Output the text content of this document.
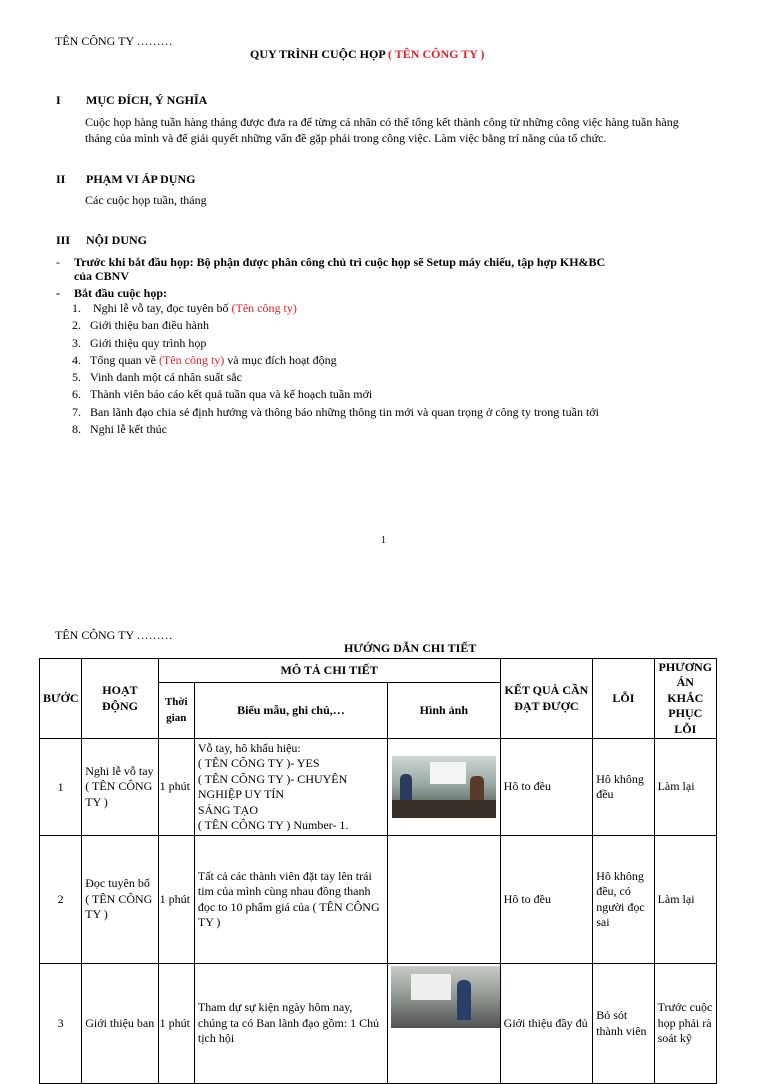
TÊN CÔNG TY ………
QUY TRÌNH CUỘC HỌP ( TÊN CÔNG TY )
I MỤC ĐÍCH, Ý NGHĨA
Cuộc họp hàng tuần hàng tháng được đưa ra để từng cá nhân có thể tổng kết thành công từ những công việc hàng tuần hàng tháng của mình và để giải quyết những vấn đề gặp phải trong công việc. Làm việc bằng trí năng của tổ chức.
II PHẠM VI ÁP DỤNG
Các cuộc họp tuần, tháng
III NỘI DUNG
- Trước khi bắt đầu họp: Bộ phận được phân công chủ trì cuộc họp sẽ Setup máy chiếu, tập hợp KH&BC
của CBNV
- Bắt đầu cuộc họp:
1. Nghi lễ vỗ tay, đọc tuyên bố (Tên công ty)
2. Giới thiệu ban điều hành
3. Giới thiệu quy trình họp
4. Tổng quan về (Tên công ty) và mục đích hoạt động
5. Vinh danh một cá nhân suất sắc
6. Thành viên báo cáo kết quả tuần qua và kế hoạch tuần mới
7. Ban lãnh đạo chia sẻ định hướng và thông báo những thông tin mới và quan trọng ở công ty trong tuần tới
8. Nghi lễ kết thúc
1
TÊN CÔNG TY ………
HƯỚNG DẪN CHI TIẾT
BƯỚC	HOẠT ĐỘNG	MÔ TẢ CHI TIẾT			KẾT QUẢ CẦN ĐẠT ĐƯỢC	LỖI	PHƯƠNG ÁN KHẮC PHỤC LỖI
		Thời gian	Biểu mẫu, ghi chú,…	Hình ảnh			
1	Nghi lễ vỗ tay ( TÊN CÔNG TY )	1 phút	Vỗ tay, hô khẩu hiệu:
( TÊN CÔNG TY )- YES
( TÊN CÔNG TY )- CHUYÊN NGHIỆP UY TÍN
SÁNG TẠO
( TÊN CÔNG TY ) Number- 1.		Hô to đều	Hô không đều	Làm lại
2	Đọc tuyên bố ( TÊN CÔNG TY )	1 phút	Tất cả các thành viên đặt tay lên trái tim của mình cùng nhau đồng thanh đọc to 10 phẩm giá của ( TÊN CÔNG TY )		Hô to đều	Hô không đều, có người đọc sai	Làm lại
3	Giới thiệu ban	1 phút	Tham dự sự kiện ngày hôm nay, chúng ta có Ban lãnh đạo gồm: 1 Chủ tịch hội		Giới thiệu đầy đủ	Bỏ sót thành viên	Trước cuộc họp phải rà soát kỹ
